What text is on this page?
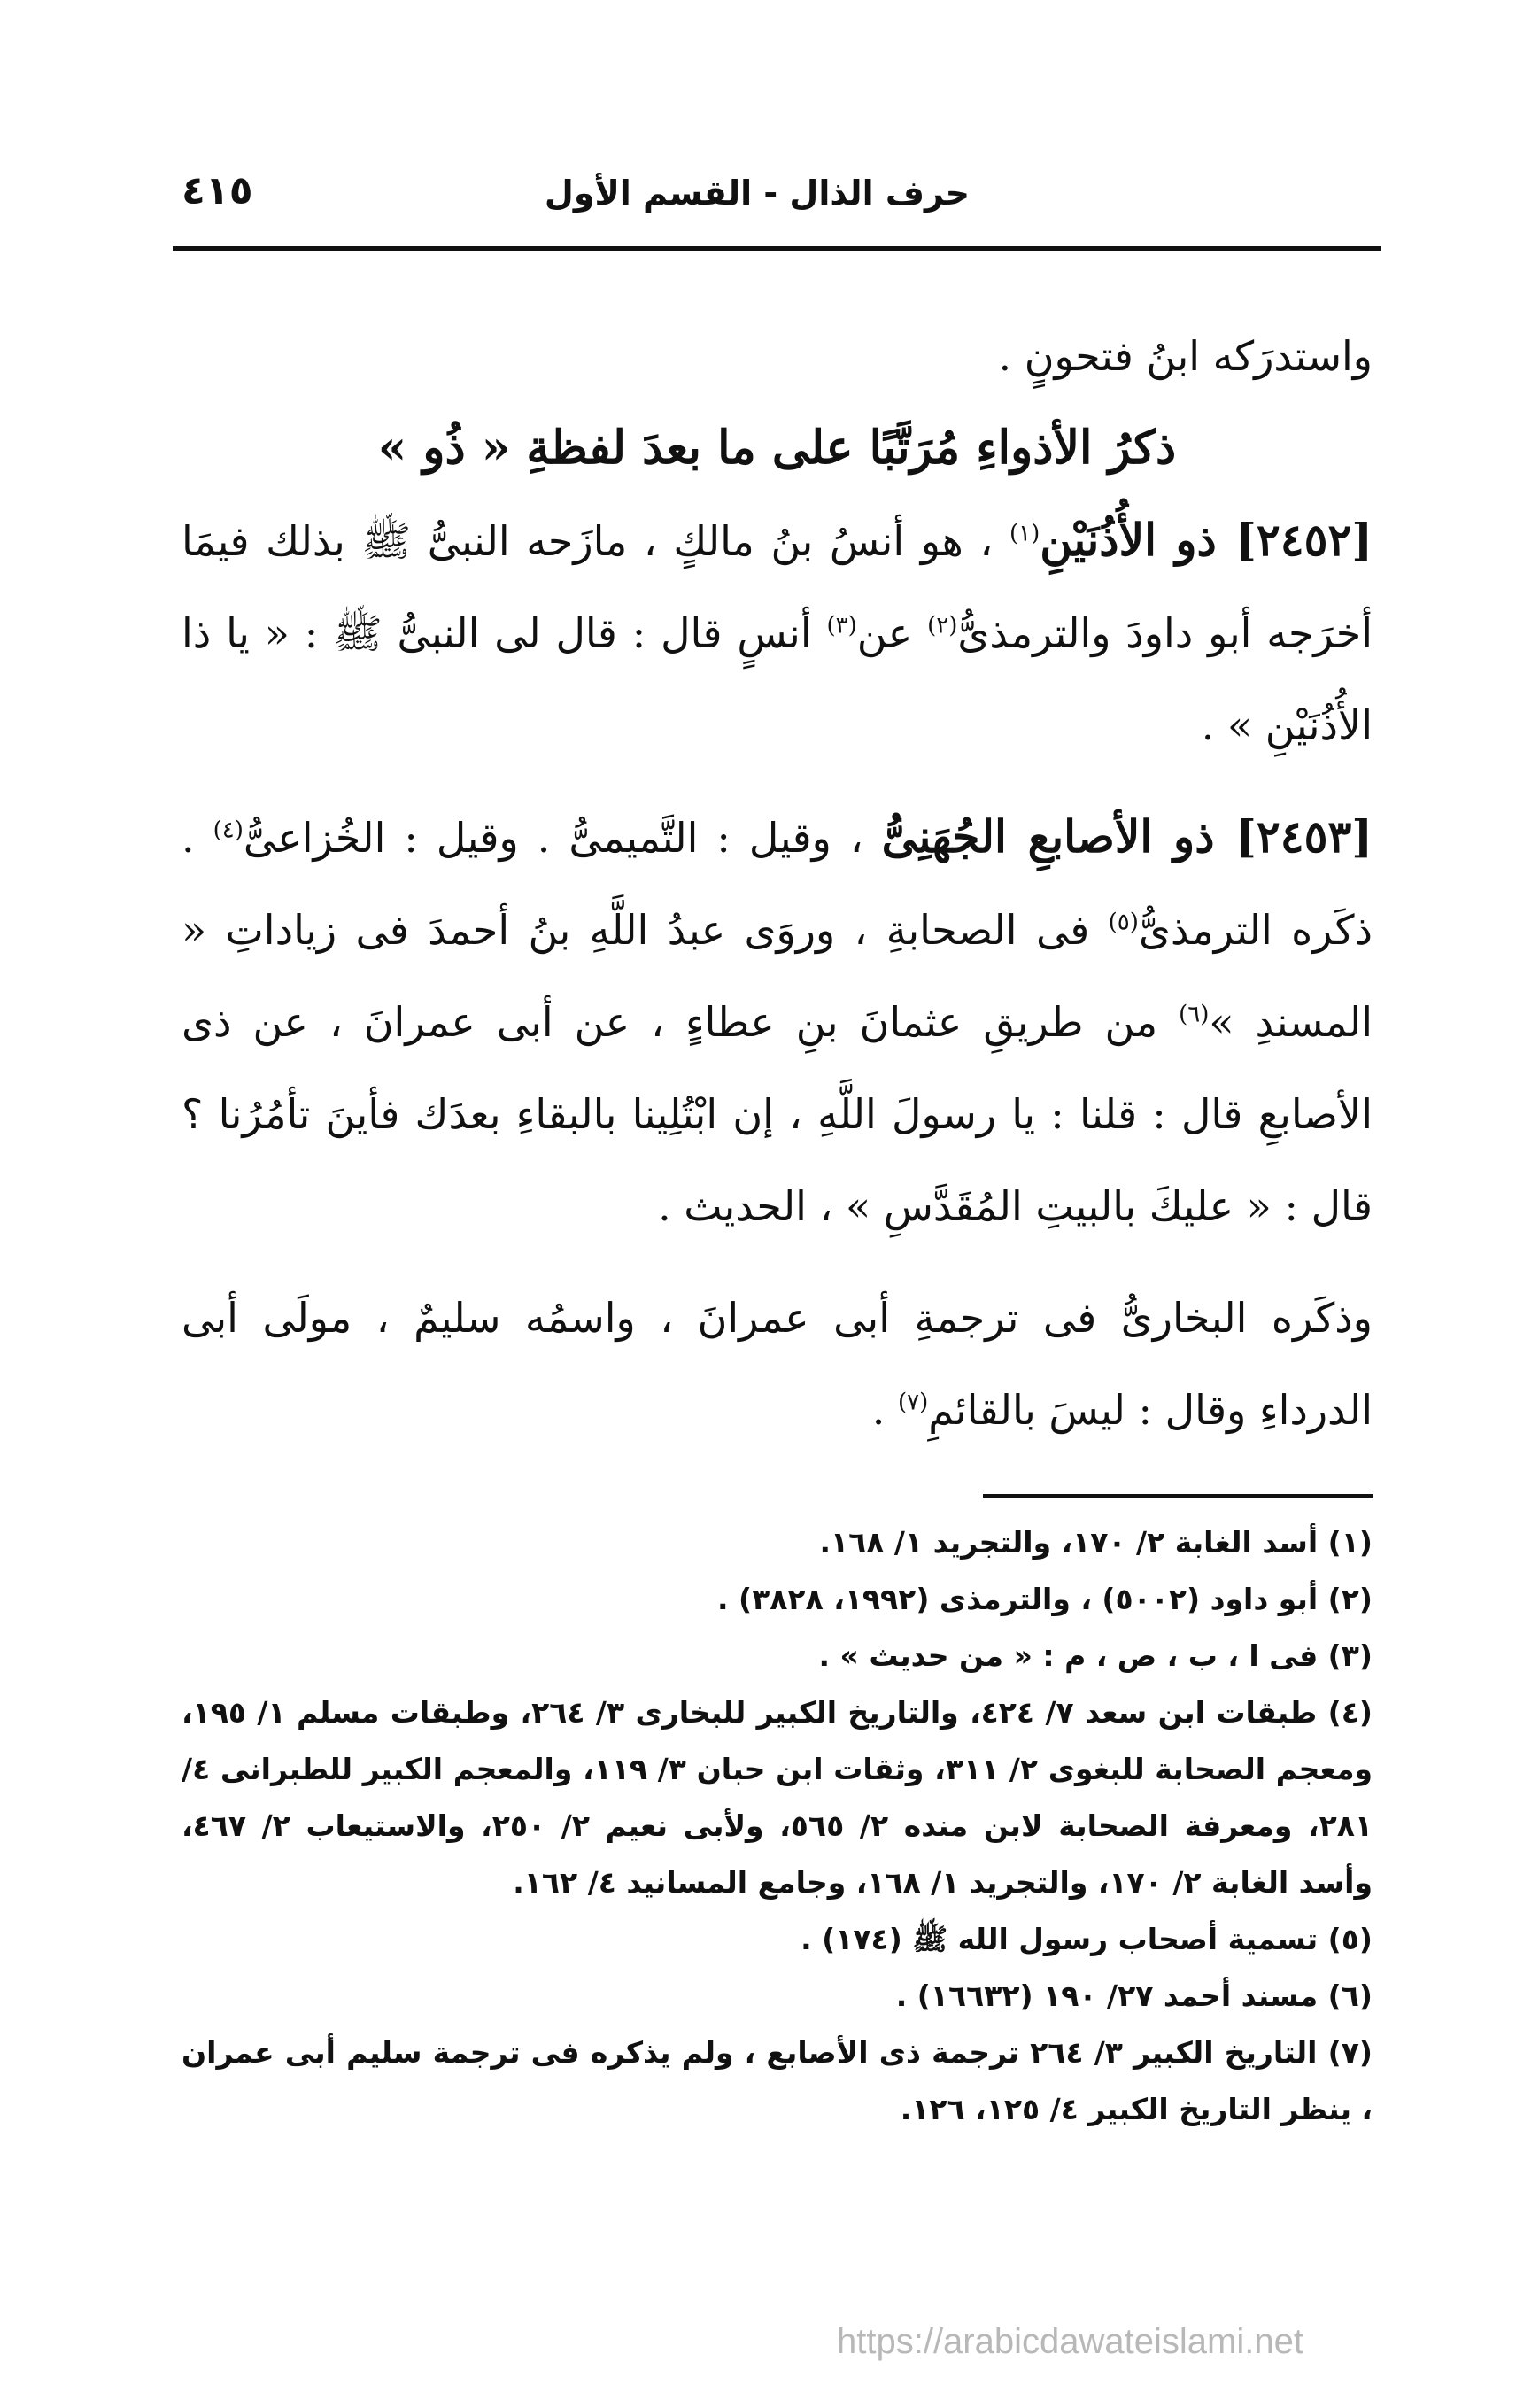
٤١٥	حرف الذال - القسم الأول

واستدرَكه ابنُ فتحونٍ .

ذكرُ الأذواءِ مُرَتَّبًا على ما بعدَ لفظةِ « ذُو »

[٢٤٥٢] ذو الأُذُنَيْنِ$^{(١)}$ ، هو أنسُ بنُ مالكٍ ، مازَحه النبىُّ ﷺ بذلك فيمَا أخرَجه أبو داودَ والترمذىُّ$^{(٢)}$ عن$^{(٣)}$ أنسٍ قال : قال لى النبىُّ ﷺ : « يا ذا الأُذُنَيْنِ » .

[٢٤٥٣] ذو الأصابعِ الجُهَنِىُّ ، وقيل : التَّميمىُّ . وقيل : الخُزاعىُّ$^{(٤)}$ . ذكَره الترمذىُّ$^{(٥)}$ فى الصحابةِ ، وروَى عبدُ اللَّهِ بنُ أحمدَ فى زياداتِ « المسندِ »$^{(٦)}$ من طريقِ عثمانَ بنِ عطاءٍ ، عن أبى عمرانَ ، عن ذى الأصابعِ قال : قلنا : يا رسولَ اللَّهِ ، إن ابْتُلِينا بالبقاءِ بعدَك فأينَ تأمُرُنا ؟ قال : « عليكَ بالبيتِ المُقَدَّسِ » ، الحديث .

وذكَره البخارىُّ فى ترجمةِ أبى عمرانَ ، واسمُه سليمٌ ، مولَى أبى الدرداءِ وقال : ليسَ بالقائمِ$^{(٧)}$ .

(١) أسد الغابة ٢/ ١٧٠، والتجريد ١/ ١٦٨.

(٢) أبو داود (٥٠٠٢) ، والترمذى (١٩٩٢، ٣٨٢٨) .

(٣) فى ا ، ب ، ص ، م : « من حديث » .

(٤) طبقات ابن سعد ٧/ ٤٢٤، والتاريخ الكبير للبخارى ٣/ ٢٦٤، وطبقات مسلم ١/ ١٩٥، ومعجم الصحابة للبغوى ٢/ ٣١١، وثقات ابن حبان ٣/ ١١٩، والمعجم الكبير للطبرانى ٤/ ٢٨١، ومعرفة الصحابة لابن منده ٢/ ٥٦٥، ولأبى نعيم ٢/ ٢٥٠، والاستيعاب ٢/ ٤٦٧، وأسد الغابة ٢/ ١٧٠، والتجريد ١/ ١٦٨، وجامع المسانيد ٤/ ١٦٢.

(٥) تسمية أصحاب رسول الله ﷺ (١٧٤) .

(٦) مسند أحمد ٢٧/ ١٩٠ (١٦٦٣٢) .

(٧) التاريخ الكبير ٣/ ٢٦٤ ترجمة ذى الأصابع ، ولم يذكره فى ترجمة سليم أبى عمران ، ينظر التاريخ الكبير ٤/ ١٢٥، ١٢٦.

https://arabicdawateislami.net
